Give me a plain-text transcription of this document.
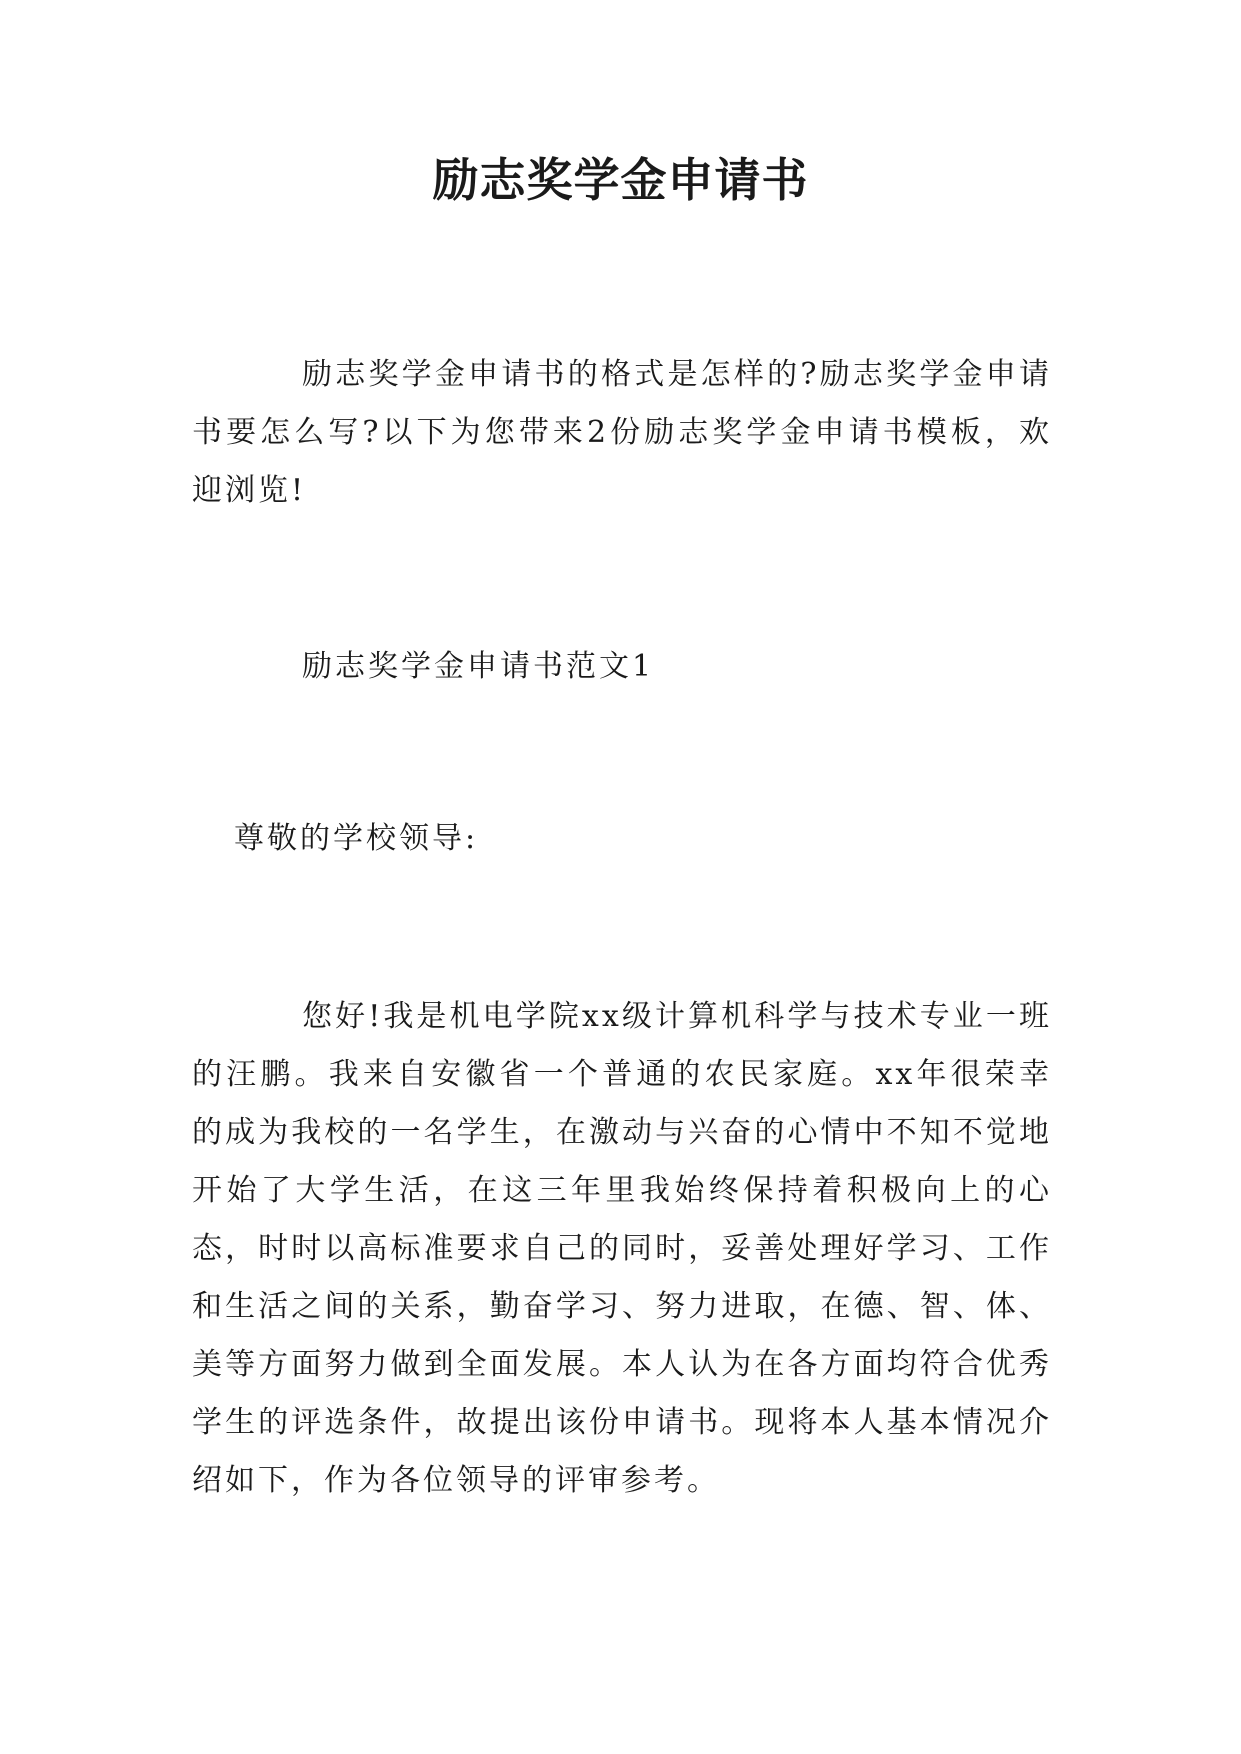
励志奖学金申请书

励志奖学金申请书的格式是怎样的?励志奖学金申请书要怎么写?以下为您带来2份励志奖学金申请书模板，欢迎浏览!

励志奖学金申请书范文1

尊敬的学校领导:

您好!我是机电学院xx级计算机科学与技术专业一班的汪鹏。我来自安徽省一个普通的农民家庭。xx年很荣幸的成为我校的一名学生，在激动与兴奋的心情中不知不觉地开始了大学生活，在这三年里我始终保持着积极向上的心态，时时以高标准要求自己的同时，妥善处理好学习、工作和生活之间的关系，勤奋学习、努力进取，在德、智、体、美等方面努力做到全面发展。本人认为在各方面均符合优秀学生的评选条件，故提出该份申请书。现将本人基本情况介绍如下，作为各位领导的评审参考。
